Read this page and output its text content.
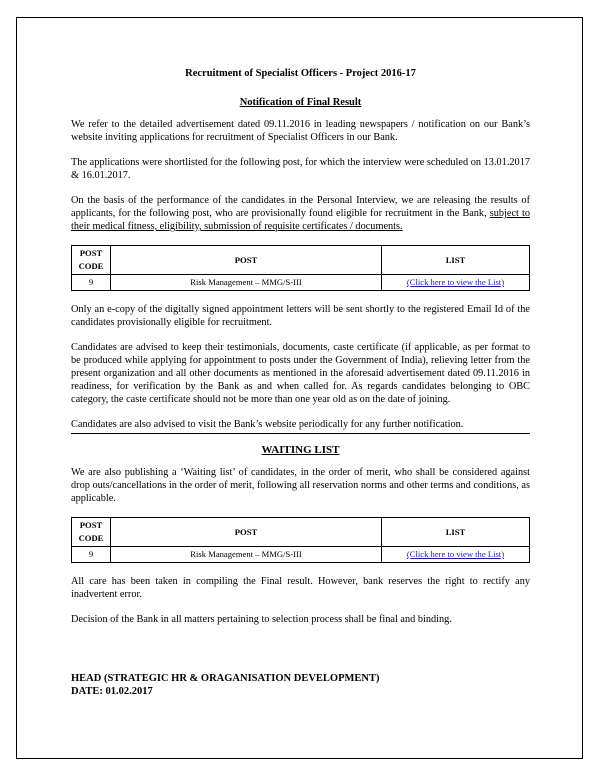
Recruitment of Specialist Officers - Project 2016-17
Notification of Final Result

We refer to the detailed advertisement dated 09.11.2016 in leading newspapers / notification on our Bank’s website inviting applications for recruitment of Specialist Officers in our Bank.

The applications were shortlisted for the following post, for which the interview were scheduled on 13.01.2017 & 16.01.2017.

On the basis of the performance of the candidates in the Personal Interview, we are releasing the results of applicants, for the following post, who are provisionally found eligible for recruitment in the Bank, subject to their medical fitness, eligibility, submission of requisite certificates / documents.

POST CODE	POST	LIST
9	Risk Management – MMG/S-III	(Click here to view the List)

Only an e-copy of the digitally signed appointment letters will be sent shortly to the registered Email Id of the candidates provisionally eligible for recruitment.

Candidates are advised to keep their testimonials, documents, caste certificate (if applicable, as per format to be produced while applying for appointment to posts under the Government of India), relieving letter from the present organization and all other documents as mentioned in the aforesaid advertisement dated 09.11.2016 in readiness, for verification by the Bank as and when called for. As regards candidates belonging to OBC category, the caste certificate should not be more than one year old as on the date of joining.

Candidates are also advised to visit the Bank’s website periodically for any further notification.
WAITING LIST

We are also publishing a ‘Waiting list’ of candidates, in the order of merit, who shall be considered against drop outs/cancellations in the order of merit, following all reservation norms and other terms and conditions, as applicable.

POST CODE	POST	LIST
9	Risk Management – MMG/S-III	(Click here to view the List)

All care has been taken in compiling the Final result. However, bank reserves the right to rectify any inadvertent error.

Decision of the Bank in all matters pertaining to selection process shall be final and binding.

HEAD (STRATEGIC HR & ORAGANISATION DEVELOPMENT)
DATE: 01.02.2017
